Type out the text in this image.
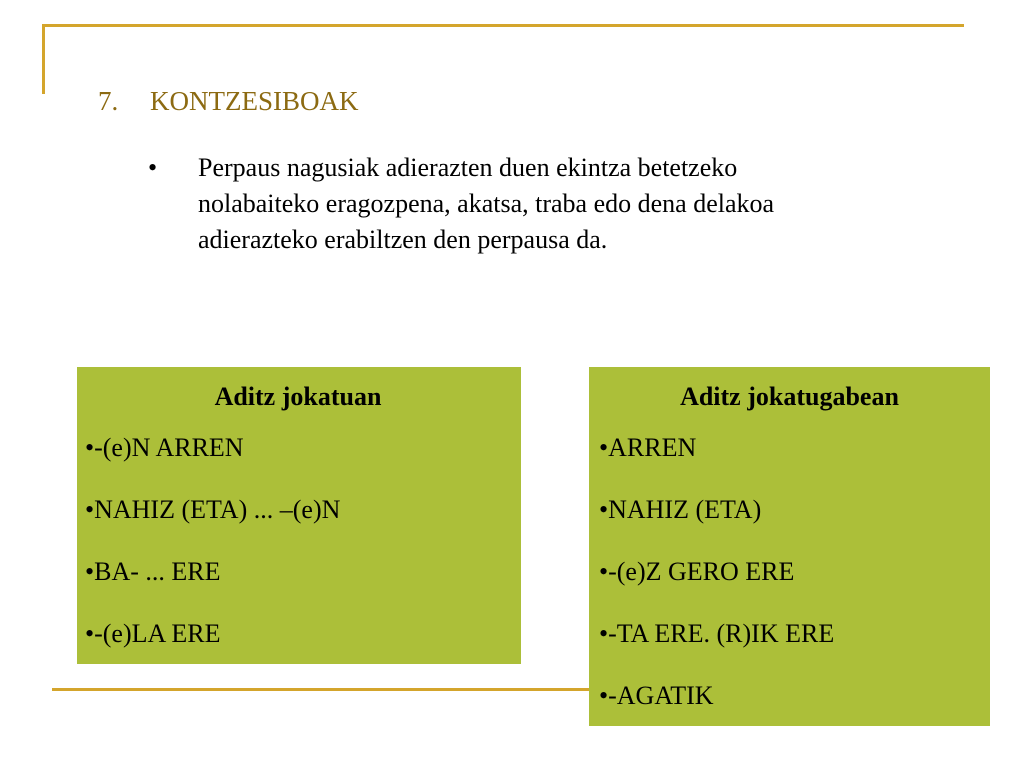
7. KONTZESIBOAK
• Perpaus nagusiak adierazten duen ekintza betetzeko nolabaiteko eragozpena, akatsa, traba edo dena delakoa adierazteko erabiltzen den perpausa da.

Aditz jokatuan

•-(e)N ARREN
•NAHIZ (ETA) ... –(e)N
•BA- ... ERE
•-(e)LA ERE

Aditz jokatugabean

•ARREN
•NAHIZ (ETA)
•-(e)Z GERO ERE
•-TA ERE. (R)IK ERE
•-AGATIK
